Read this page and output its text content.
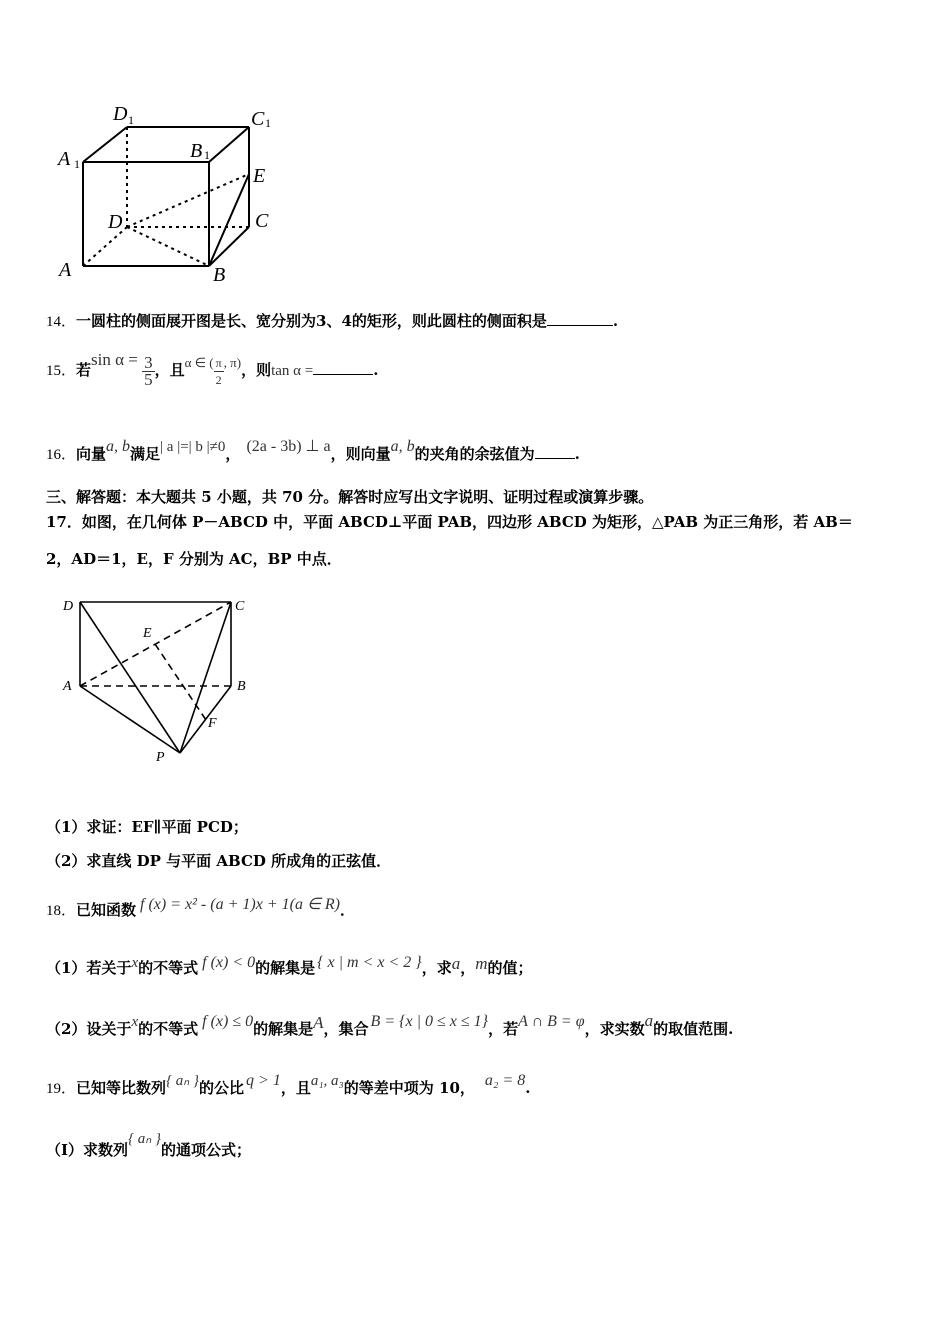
D 1	C 1
A 1
B 1
E
D	C
A	B
14．一圆柱的侧面展开图是长、宽分别为3、4的矩形，则此圆柱的侧面积是	.
15．若$\sin \alpha = \frac{3}{5}$ ，且α ∈ ( $\frac{\pi}{2}$ , π)，则tan α =	.
16．向量a, b满足| a |=| b |≠0， (2a - 3b) ⊥ a，则向量a, b的夹角的余弦值为	.
三、解答题：本大题共 5 小题，共 70 分。解答时应写出文字说明、证明过程或演算步骤。
17．如图，在几何体 P－ABCD 中，平面 ABCD⊥平面 PAB，四边形 ABCD 为矩形，△PAB 为正三角形，若 AB＝
2，AD＝1，E，F 分别为 AC，BP 中点．
D	C
E
A	B
F
P
（1）求证：EF∥平面 PCD；
（2）求直线 DP 与平面 ABCD 所成角的正弦值．
18．已知函数 f (x) = x² - (a + 1)x + 1(a ∈ R)．
（1）若关于x的不等式 f (x) < 0的解集是 { x | m < x < 2 }，求a，m的值；
（2）设关于x的不等式 f (x) ≤ 0的解集是A，集合 B = {x | 0 ≤ x ≤ 1}，若A ∩ B = φ，求实数a的取值范围.
19．已知等比数列{ aₙ }的公比 q > 1，且a₁, a₃的等差中项为 10， a₂ = 8.
（Ⅰ）求数列{ aₙ }的通项公式；
